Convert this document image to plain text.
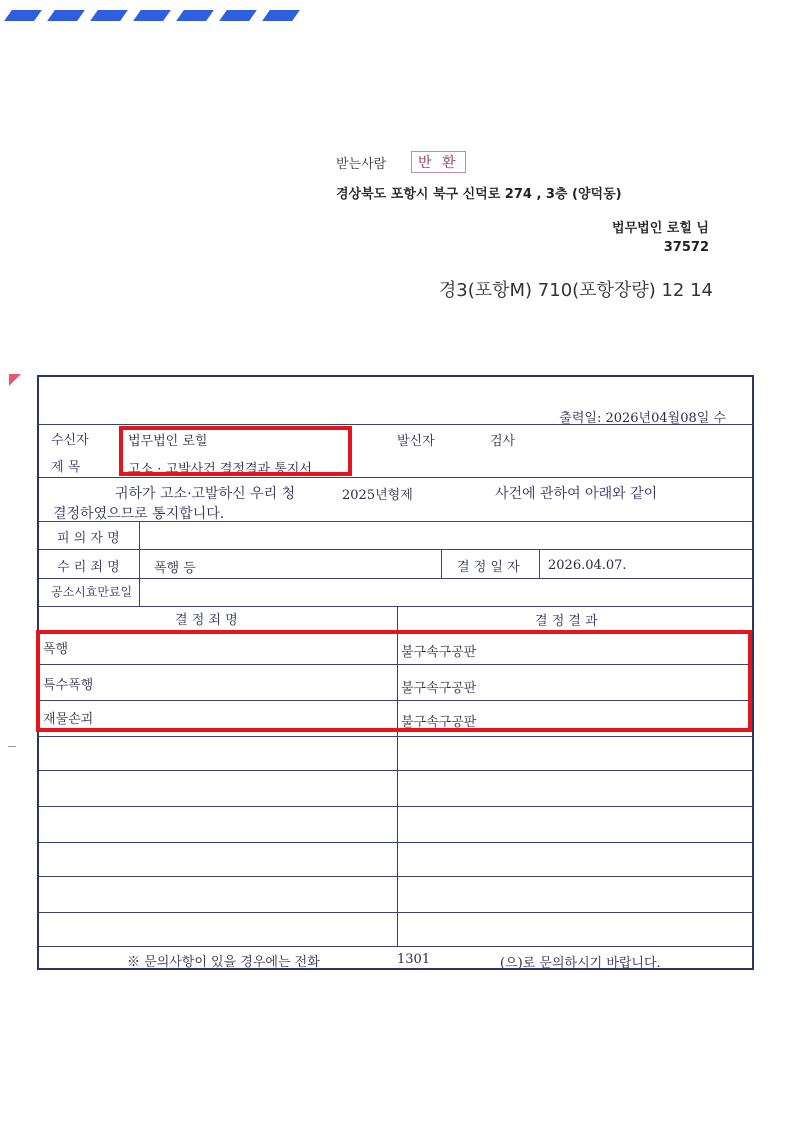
받는사람	반 환
경상북도 포항시 북구 신덕로 274 , 3층 (양덕동)
법무법인 로힐 님
37572
경3(포항M) 710(포항장량) 12 14
출력일: 2026년04월08일 수
수신자	법무법인 로힐	발신자	검사
제 목	고소 · 고발사건 결정결과 통지서
귀하가 고소·고발하신 우리 청	2025년형제	사건에 관하여 아래와 같이
결정하였으므로 통지합니다.
피 의 자 명
수 리 죄 명	폭행 등	결 정 일 자 2026.04.07.
공소시효만료일
결 정 죄 명	결 정 결 과
폭행	불구속구공판
특수폭행	불구속구공판
재물손괴	불구속구공판
※ 문의사항이 있을 경우에는 전화	1301	(으)로 문의하시기 바랍니다.
